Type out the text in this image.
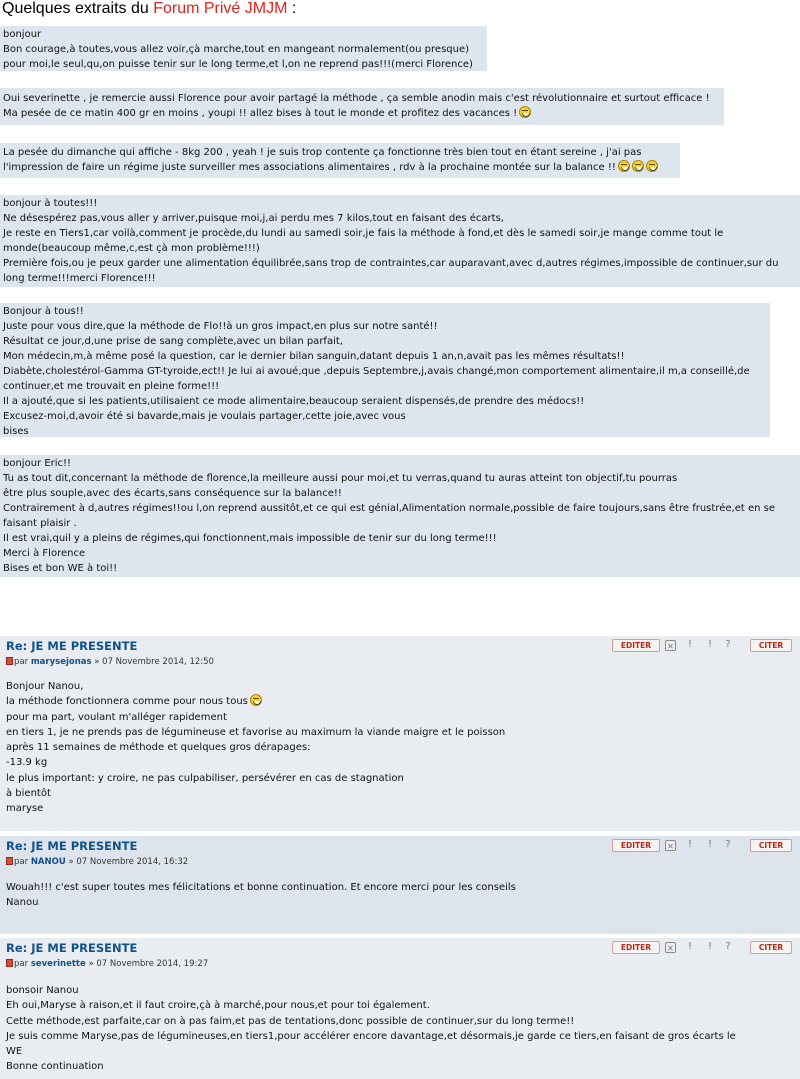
Quelques extraits du Forum Privé JMJM :
bonjour
Bon courage,à toutes,vous allez voir,çà marche,tout en mangeant normalement(ou presque)
pour moi,le seul,qu,on puisse tenir sur le long terme,et l,on ne reprend pas!!!(merci Florence)
Oui severinette , je remercie aussi Florence pour avoir partagé la méthode , ça semble anodin mais c'est révolutionnaire et surtout efficace !
Ma pesée de ce matin 400 gr en moins , youpi !! allez bises à tout le monde et profitez des vacances !
La pesée du dimanche qui affiche - 8kg 200 , yeah ! je suis trop contente ça fonctionne très bien tout en étant sereine , j'ai pas
l'impression de faire un régime juste surveiller mes associations alimentaires , rdv à la prochaine montée sur la balance !!
bonjour à toutes!!!
Ne désespérez pas,vous aller y arriver,puisque moi,j,ai perdu mes 7 kilos,tout en faisant des écarts,
Je reste en Tiers1,car voilà,comment je procède,du lundi au samedi soir,je fais la méthode à fond,et dès le samedi soir,je mange comme tout le
monde(beaucoup même,c,est çà mon problème!!!)
Première fois,ou je peux garder une alimentation équilibrée,sans trop de contraintes,car auparavant,avec d,autres régimes,impossible de continuer,sur du
long terme!!!merci Florence!!!
Bonjour à tous!!
Juste pour vous dire,que la méthode de Flo!!à un gros impact,en plus sur notre santé!!
Résultat ce jour,d,une prise de sang complète,avec un bilan parfait,
Mon médecin,m,à même posé la question, car le dernier bilan sanguin,datant depuis 1 an,n,avait pas les mêmes résultats!!
Diabète,cholestérol-Gamma GT-tyroide,ect!! Je lui ai avoué,que ,depuis Septembre,j,avais changé,mon comportement alimentaire,il m,a conseillé,de
continuer,et me trouvait en pleine forme!!!
Il a ajouté,que si les patients,utilisaient ce mode alimentaire,beaucoup seraient dispensés,de prendre des médocs!!
Excusez-moi,d,avoir été si bavarde,mais je voulais partager,cette joie,avec vous
bises
bonjour Eric!!
Tu as tout dit,concernant la méthode de florence,la meilleure aussi pour moi,et tu verras,quand tu auras atteint ton objectif,tu pourras
être plus souple,avec des écarts,sans conséquence sur la balance!!
Contrairement à d,autres régimes!!ou l,on reprend aussitôt,et ce qui est génial,Alimentation normale,possible de faire toujours,sans être frustrée,et en se
faisant plaisir .
Il est vrai,quil y a pleins de régimes,qui fonctionnent,mais impossible de tenir sur du long terme!!!
Merci à Florence
Bises et bon WE à toi!!
Re: JE ME PRESENTE
par marysejonas » 07 Novembre 2014, 12:50
EDITER	✕	!	!	?	CITER
Bonjour Nanou,
la méthode fonctionnera comme pour nous tous
pour ma part, voulant m'alléger rapidement
en tiers 1, je ne prends pas de légumineuse et favorise au maximum la viande maigre et le poisson
après 11 semaines de méthode et quelques gros dérapages:
-13.9 kg
le plus important: y croire, ne pas culpabiliser, persévérer en cas de stagnation
à bientôt
maryse
Re: JE ME PRESENTE
par NANOU » 07 Novembre 2014, 16:32
EDITER	✕	!	!	?	CITER
Wouah!!! c'est super toutes mes félicitations et bonne continuation. Et encore merci pour les conseils
Nanou
Re: JE ME PRESENTE
par severinette » 07 Novembre 2014, 19:27
EDITER	✕	!	!	?	CITER
bonsoir Nanou
Eh oui,Maryse à raison,et il faut croire,çà à marché,pour nous,et pour toi également.
Cette méthode,est parfaite,car on à pas faim,et pas de tentations,donc possible de continuer,sur du long terme!!
Je suis comme Maryse,pas de légumineuses,en tiers1,pour accélérer encore davantage,et désormais,je garde ce tiers,en faisant de gros écarts le
WE
Bonne continuation
